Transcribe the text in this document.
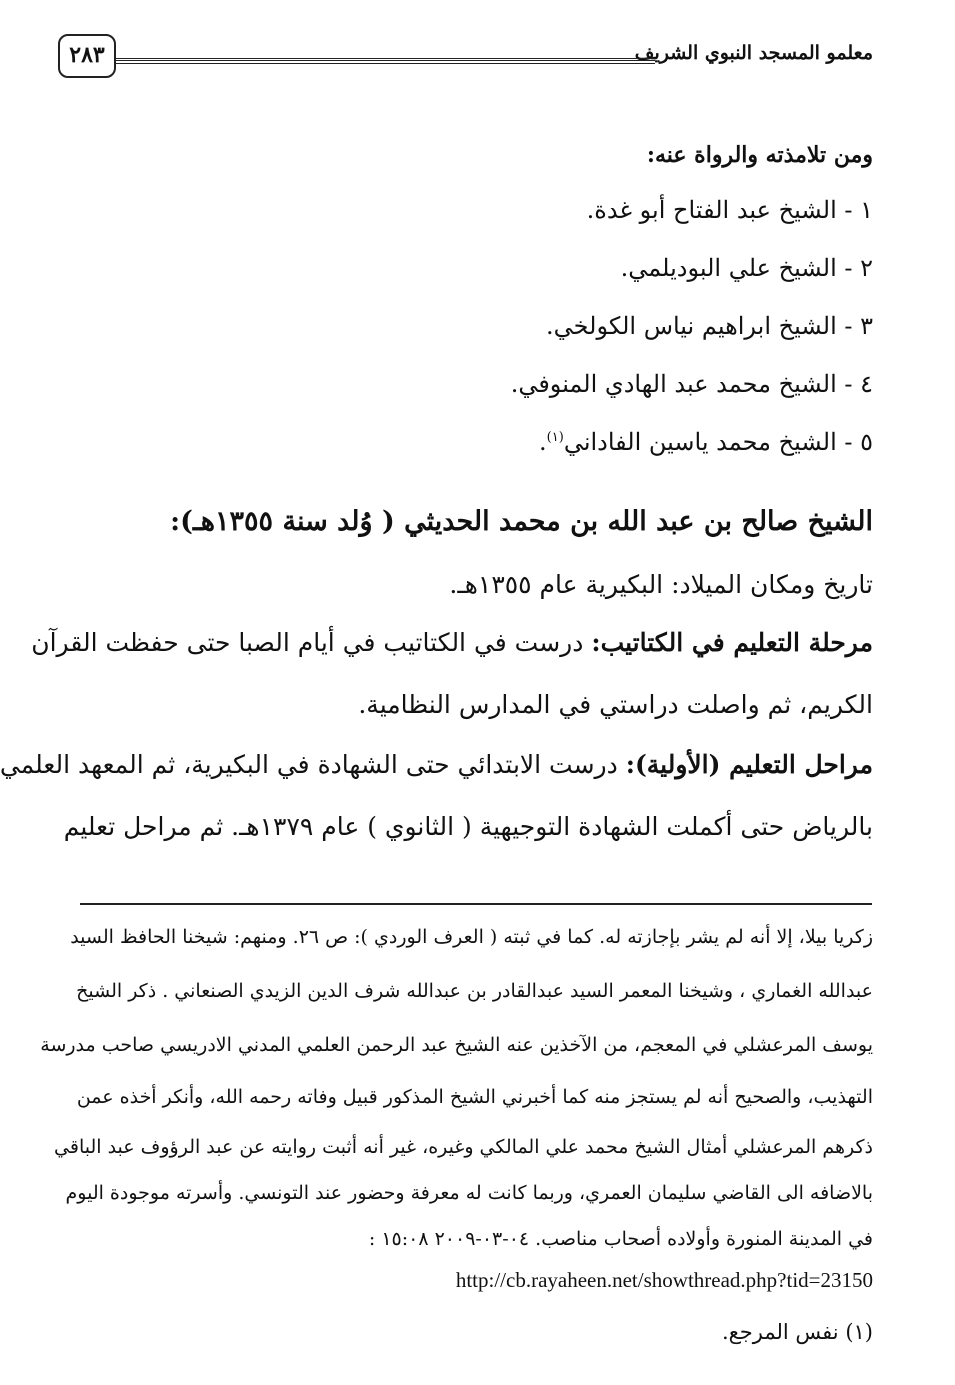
معلمو المسجد النبوي الشريف
٢٨٣
ومن تلامذته والرواة عنه:
١ - الشيخ عبد الفتاح أبو غدة.
٢ - الشيخ علي البوديلمي.
٣ - الشيخ ابراهيم نياس الكولخي.
٤ - الشيخ محمد عبد الهادي المنوفي.
٥ - الشيخ محمد ياسين الفاداني$^{(١)}$.
الشيخ صالح بن عبد الله بن محمد الحديثي ( وُلد سنة ١٣٥٥هـ):
تاريخ ومكان الميلاد: البكيرية عام ١٣٥٥هـ.
مرحلة التعليم في الكتاتيب: درست في الكتاتيب في أيام الصبا حتى حفظت القرآن
الكريم، ثم واصلت دراستي في المدارس النظامية.
مراحل التعليم (الأولية): درست الابتدائي حتى الشهادة في البكيرية، ثم المعهد العلمي
بالرياض حتى أكملت الشهادة التوجيهية ( الثانوي ) عام ١٣٧٩هـ. ثم مراحل تعليم
زكريا بيلا، إلا أنه لم يشر بإجازته له. كما في ثبته ( العرف الوردي ): ص ٢٦. ومنهم: شيخنا الحافظ السيد
عبدالله الغماري ، وشيخنا المعمر السيد عبدالقادر بن عبدالله شرف الدين الزيدي الصنعاني . ذكر الشيخ
يوسف المرعشلي في المعجم، من الآخذين عنه الشيخ عبد الرحمن العلمي المدني الادريسي صاحب مدرسة
التهذيب، والصحيح أنه لم يستجز منه كما أخبرني الشيخ المذكور قبيل وفاته رحمه الله، وأنكر أخذه عمن
ذكرهم المرعشلي أمثال الشيخ محمد علي المالكي وغيره، غير أنه أثبت روايته عن عبد الرؤوف عبد الباقي
بالاضافه الى القاضي سليمان العمري، وربما كانت له معرفة وحضور عند التونسي. وأسرته موجودة اليوم
في المدينة المنورة وأولاده أصحاب مناصب. ٠٤-٠٣-٢٠٠٩ ١٥:٠٨ :
http://cb.rayaheen.net/showthread.php?tid=23150
(١) نفس المرجع.
